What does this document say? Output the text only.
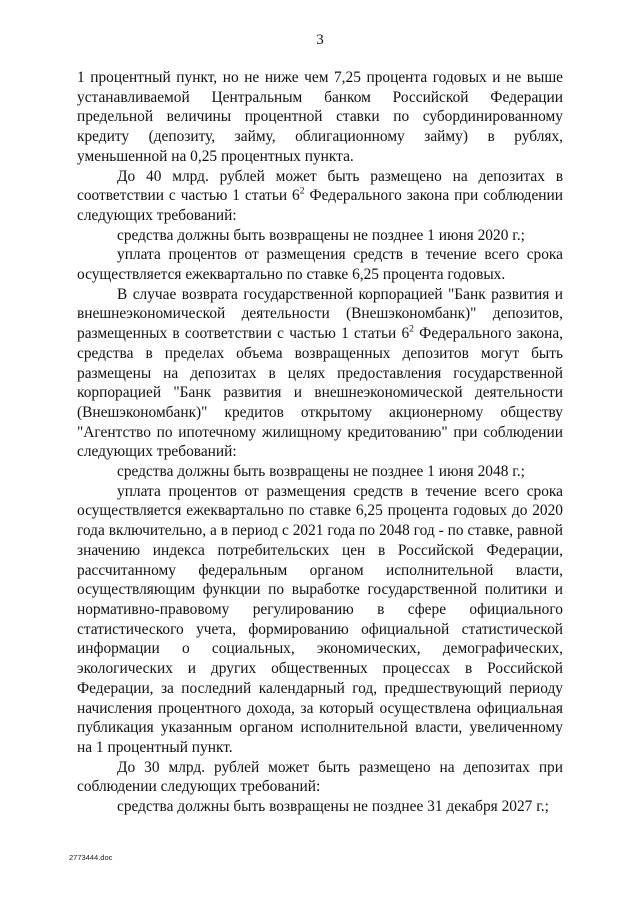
3

1 процентный пункт, но не ниже чем 7,25 процента годовых и не выше устанавливаемой Центральным банком Российской Федерации предельной величины процентной ставки по субординированному кредиту (депозиту, займу, облигационному займу) в рублях, уменьшенной на 0,25 процентных пункта.

До 40 млрд. рублей может быть размещено на депозитах в соответствии с частью 1 статьи $6^2$ Федерального закона при соблюдении следующих требований:

средства должны быть возвращены не позднее 1 июня 2020 г.;

уплата процентов от размещения средств в течение всего срока осуществляется ежеквартально по ставке 6,25 процента годовых.

В случае возврата государственной корпорацией "Банк развития и внешнеэкономической деятельности (Внешэкономбанк)" депозитов, размещенных в соответствии с частью 1 статьи $6^2$ Федерального закона, средства в пределах объема возвращенных депозитов могут быть размещены на депозитах в целях предоставления государственной корпорацией "Банк развития и внешнеэкономической деятельности (Внешэкономбанк)" кредитов открытому акционерному обществу "Агентство по ипотечному жилищному кредитованию" при соблюдении следующих требований:

средства должны быть возвращены не позднее 1 июня 2048 г.;

уплата процентов от размещения средств в течение всего срока осуществляется ежеквартально по ставке 6,25 процента годовых до 2020 года включительно, а в период с 2021 года по 2048 год - по ставке, равной значению индекса потребительских цен в Российской Федерации, рассчитанному федеральным органом исполнительной власти, осуществляющим функции по выработке государственной политики и нормативно-правовому регулированию в сфере официального статистического учета, формированию официальной статистической информации о социальных, экономических, демографических, экологических и других общественных процессах в Российской Федерации, за последний календарный год, предшествующий периоду начисления процентного дохода, за который осуществлена официальная публикация указанным органом исполнительной власти, увеличенному на 1 процентный пункт.

До 30 млрд. рублей может быть размещено на депозитах при соблюдении следующих требований:

средства должны быть возвращены не позднее 31 декабря 2027 г.;

2773444.doc
